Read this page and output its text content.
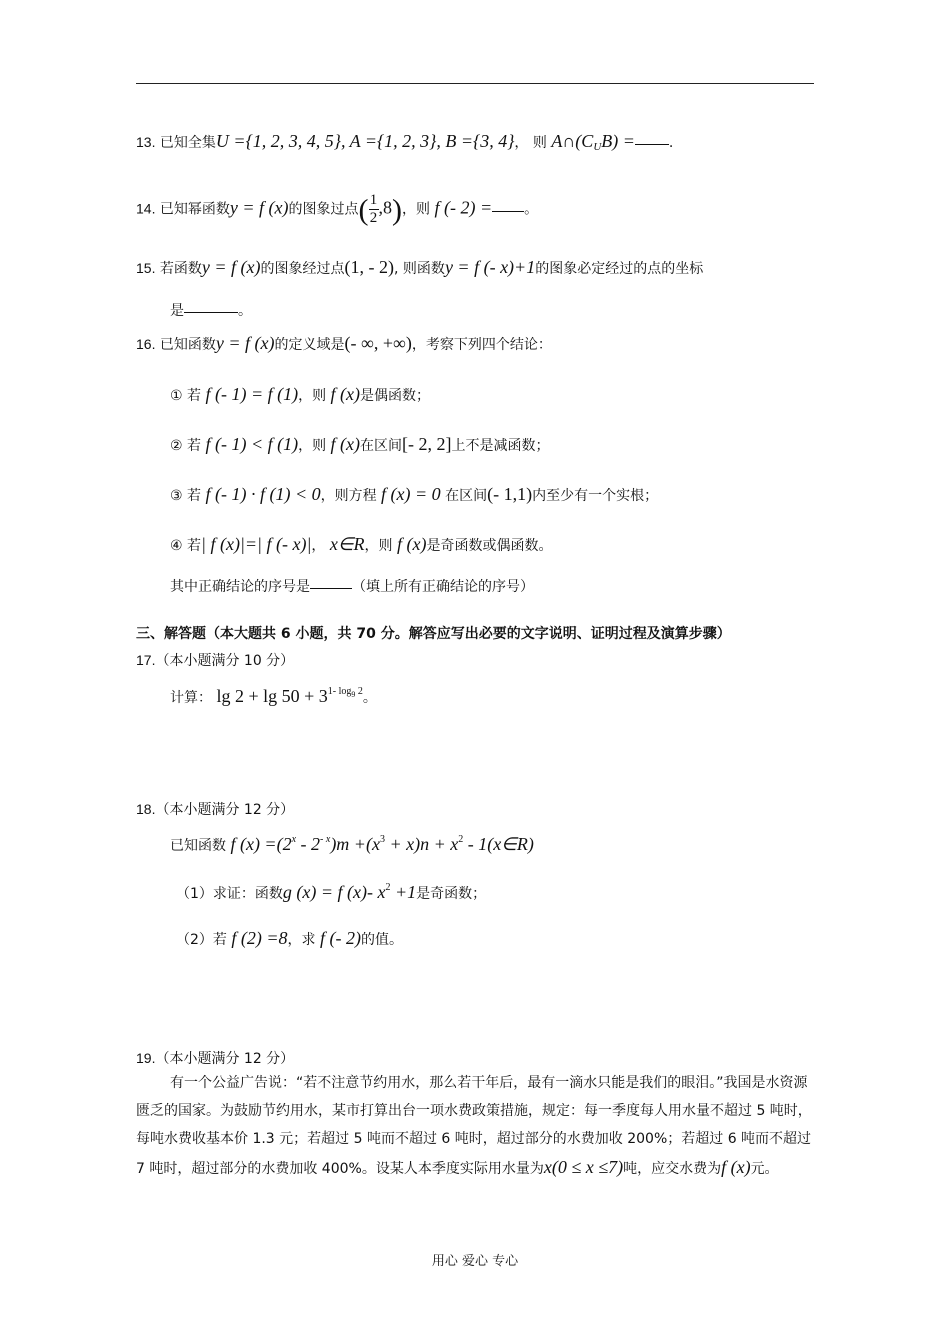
13. 已知全集U ={1, 2, 3, 4, 5}, A ={1, 2, 3}, B ={3, 4}， 则 $A\cap(C_UB)$ = .
14. 已知幂函数y = f (x)的图象过点( $\frac{1}{2} ,8$)，则 f (- 2) = 。
15. 若函数y = f (x)的图象经过点(1, - 2), 则函数y = f (- x)+1的图象必定经过的点的坐标
是	。
16. 已知函数y = f (x)的定义域是(- ∞, +∞)，考察下列四个结论：
① 若 f (- 1) = f (1)，则 f (x)是偶函数；
② 若 f (- 1) < f (1)，则 f (x)在区间[- 2, 2]上不是减函数；
③ 若 f (- 1) · f (1) < 0，则方程 f (x) = 0 在区间(- 1,1)内至少有一个实根；
④ 若| f (x)|=| f (- x)|， x∈R，则 f (x)是奇函数或偶函数。
其中正确结论的序号是	（填上所有正确结论的序号）
三、解答题（本大题共 6 小题，共 70 分。解答应写出必要的文字说明、证明过程及演算步骤）
17.（本小题满分 10 分）
计算： $\lg 2 + \lg 50 + 3^{1- log9}$ $^2$。
18.（本小题满分 12 分）
已知函数 f $(x) =(2^x - 2^{- x})m +(x^3 + x)n + x^2$ - 1(x∈R)
（1）求证：函数g (x) = f (x)- $x^2 +1$是奇函数；
（2）若 f (2) =8，求 f (- 2)的值。
19.（本小题满分 12 分）
有一个公益广告说：“若不注意节约用水，那么若干年后，最有一滴水只能是我们的眼泪。”我国是水资源匮乏的国家。为鼓励节约用水，某市打算出台一项水费政策措施，规定：每一季度每人用水量不超过 5 吨时，每吨水费收基本价 1.3 元；若超过 5 吨而不超过 6 吨时，超过部分的水费加收 200%；若超过 6 吨而不超过 7 吨时，超过部分的水费加收 400%。设某人本季度实际用水量为x(0 ≤ x ≤7)吨，应交水费为f (x)元。
用心 爱心 专心
